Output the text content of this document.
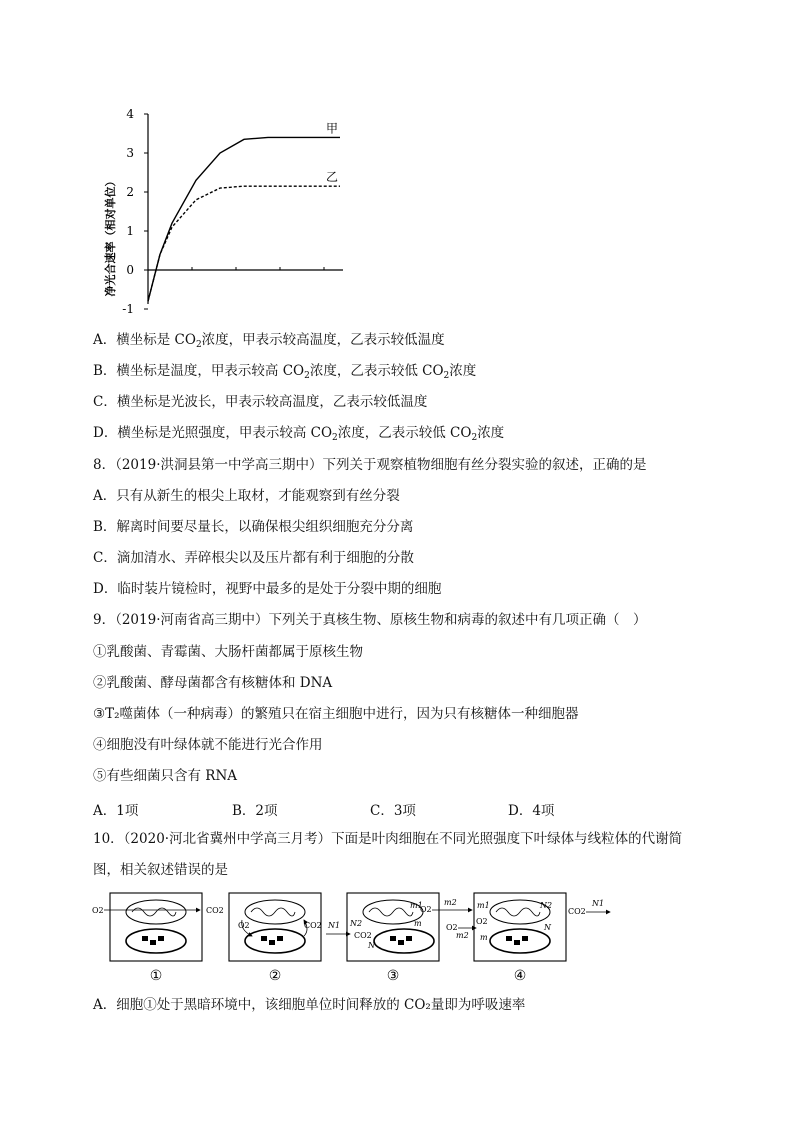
净光合速率（相对单位）
4
3
2
1
0
-1
甲
乙
A．横坐标是 $CO_2$浓度，甲表示较高温度，乙表示较低温度
B．横坐标是温度，甲表示较高 $CO_2$浓度，乙表示较低 $CO_2$浓度
C．横坐标是光波长，甲表示较高温度，乙表示较低温度
D．横坐标是光照强度，甲表示较高 $CO_2$浓度，乙表示较低 $CO_2$浓度
8．（2019·洪洞县第一中学高三期中）下列关于观察植物细胞有丝分裂实验的叙述，正确的是
A．只有从新生的根尖上取材，才能观察到有丝分裂
B．解离时间要尽量长，以确保根尖组织细胞充分分离
C．滴加清水、弄碎根尖以及压片都有利于细胞的分散
D．临时装片镜检时，视野中最多的是处于分裂中期的细胞
9．（2019·河南省高三期中）下列关于真核生物、原核生物和病毒的叙述中有几项正确（　）
①乳酸菌、青霉菌、大肠杆菌都属于原核生物
②乳酸菌、酵母菌都含有核糖体和 DNA
③T₂噬菌体（一种病毒）的繁殖只在宿主细胞中进行，因为只有核糖体一种细胞器
④细胞没有叶绿体就不能进行光合作用
⑤有些细菌只含有 RNA
A．1项	B．2项	C．3项	D．4项
10．（2020·河北省冀州中学高三月考）下面是叶肉细胞在不同光照强度下叶绿体与线粒体的代谢简
图，相关叙述错误的是
O2	CO2
O2	CO2	N2
CO2
N
m1
m
O2
N1
m2	m1
O2
m
N2
N
CO2
O2
m2
N1
①	②	③	④
A．细胞①处于黑暗环境中，该细胞单位时间释放的 CO₂量即为呼吸速率
